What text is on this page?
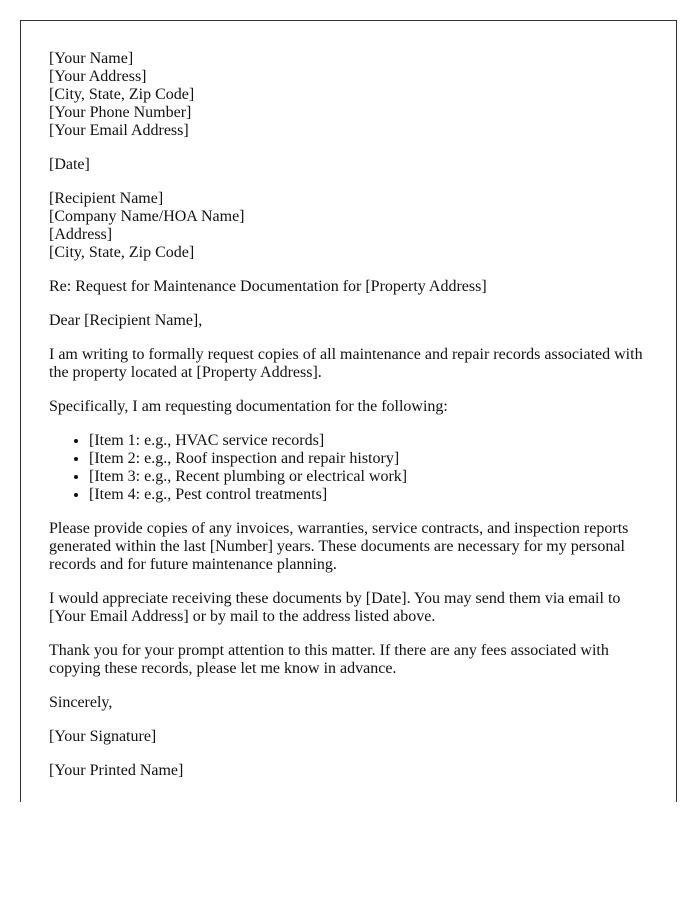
[Your Name]
[Your Address]
[City, State, Zip Code]
[Your Phone Number]
[Your Email Address]

[Date]

[Recipient Name]
[Company Name/HOA Name]
[Address]
[City, State, Zip Code]

Re: Request for Maintenance Documentation for [Property Address]

Dear [Recipient Name],

I am writing to formally request copies of all maintenance and repair records associated with the property located at [Property Address].

Specifically, I am requesting documentation for the following:

• [Item 1: e.g., HVAC service records]
• [Item 2: e.g., Roof inspection and repair history]
• [Item 3: e.g., Recent plumbing or electrical work]
• [Item 4: e.g., Pest control treatments]

Please provide copies of any invoices, warranties, service contracts, and inspection reports generated within the last [Number] years. These documents are necessary for my personal records and for future maintenance planning.

I would appreciate receiving these documents by [Date]. You may send them via email to [Your Email Address] or by mail to the address listed above.

Thank you for your prompt attention to this matter. If there are any fees associated with copying these records, please let me know in advance.

Sincerely,

[Your Signature]

[Your Printed Name]
